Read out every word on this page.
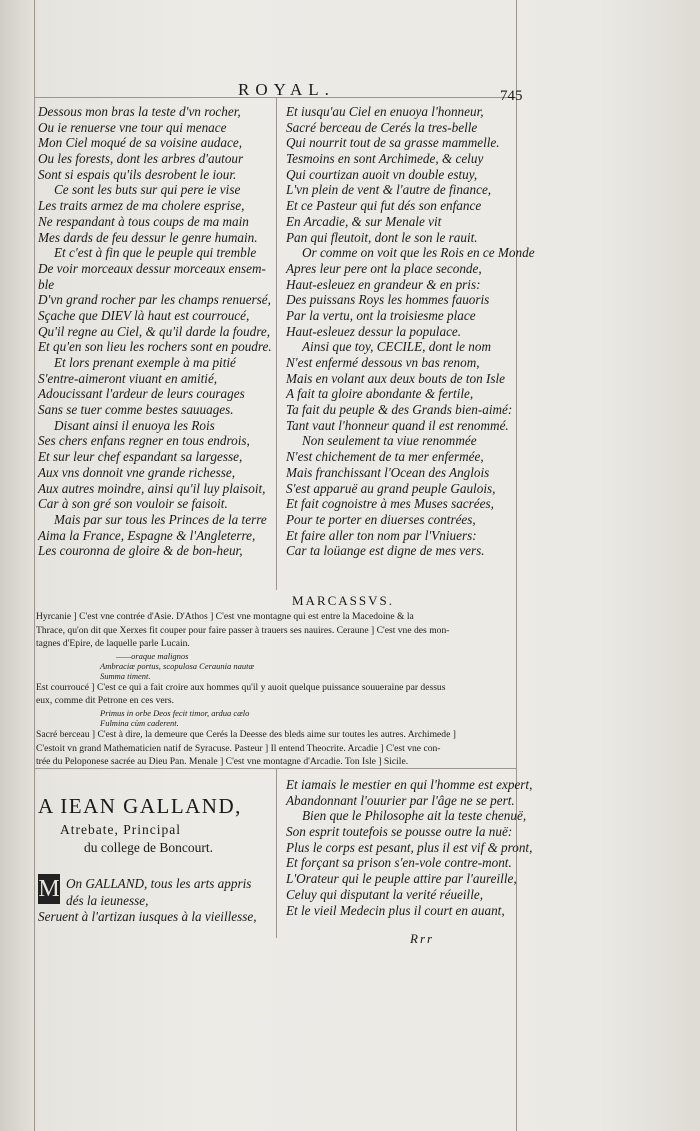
ROYAL.	745
Dessous mon bras la teste d'vn rocher,
Ou ie renuerse vne tour qui menace
Mon Ciel moqué de sa voisine audace,
Ou les forests, dont les arbres d'autour
Sont si espais qu'ils desrobent le iour.
Ce sont les buts sur qui pere ie vise
Les traits armez de ma cholere esprise,
Ne respandant à tous coups de ma main
Mes dards de feu dessur le genre humain.
Et c'est à fin que le peuple qui tremble
De voir morceaux dessur morceaux ensem-
ble
D'vn grand rocher par les champs renuersé,
Sçache que DIEV là haut est courroucé,
Qu'il regne au Ciel, & qu'il darde la foudre,
Et qu'en son lieu les rochers sont en poudre.
Et lors prenant exemple à ma pitié
S'entre-aimeront viuant en amitié,
Adoucissant l'ardeur de leurs courages
Sans se tuer comme bestes sauuages.
Disant ainsi il enuoya les Rois
Ses chers enfans regner en tous endrois,
Et sur leur chef espandant sa largesse,
Aux vns donnoit vne grande richesse,
Aux autres moindre, ainsi qu'il luy plaisoit,
Car à son gré son vouloir se faisoit.
Mais par sur tous les Princes de la terre
Aima la France, Espagne & l'Angleterre,
Les couronna de gloire & de bon-heur,
Et iusqu'au Ciel en enuoya l'honneur,
Sacré berceau de Cerés la tres-belle
Qui nourrit tout de sa grasse mammelle.
Tesmoins en sont Archimede, & celuy
Qui courtizan auoit vn double estuy,
L'vn plein de vent & l'autre de finance,
Et ce Pasteur qui fut dés son enfance
En Arcadie, & sur Menale vit
Pan qui fleutoit, dont le son le rauit.
Or comme on voit que les Rois en ce Monde
Apres leur pere ont la place seconde,
Haut-esleuez en grandeur & en pris:
Des puissans Roys les hommes fauoris
Par la vertu, ont la troisiesme place
Haut-esleuez dessur la populace.
Ainsi que toy, CECILE, dont le nom
N'est enfermé dessous vn bas renom,
Mais en volant aux deux bouts de ton Isle
A fait ta gloire abondante & fertile,
Ta fait du peuple & des Grands bien-aimé:
Tant vaut l'honneur quand il est renommé.
Non seulement ta viue renommée
N'est chichement de ta mer enfermée,
Mais franchissant l'Ocean des Anglois
S'est apparuë au grand peuple Gaulois,
Et fait cognoistre à mes Muses sacrées,
Pour te porter en diuerses contrées,
Et faire aller ton nom par l'Vniuers:
Car ta loüange est digne de mes vers.
MARCASSVS.
Hyrcanie ] C'est vne contrée d'Asie. D'Athos ] C'est vne montagne qui est entre la Macedoine & la
Thrace, qu'on dit que Xerxes fit couper pour faire passer à trauers ses nauires. Ceraune ] C'est vne des mon-
tagnes d'Epire, de laquelle parle Lucain.
——oraque malignos
Ambraciæ portus, scopulosa Ceraunia nautæ
Summa timent.
Est courroucé ] C'est ce qui a fait croire aux hommes qu'il y auoit quelque puissance souueraine par dessus
eux, comme dit Petrone en ces vers.
Primus in orbe Deos fecit timor, ardua cælo
Fulmina cùm caderent.
Sacré berceau ] C'est à dire, la demeure que Cerés la Deesse des bleds aime sur toutes les autres. Archimede ]
C'estoit vn grand Mathematicien natif de Syracuse. Pasteur ] Il entend Theocrite. Arcadie ] C'est vne con-
trée du Peloponese sacrée au Dieu Pan. Menale ] C'est vne montagne d'Arcadie. Ton Isle ] Sicile.
A IEAN GALLAND,
Atrebate, Principal
du college de Boncourt.
M On GALLAND, tous les arts appris
dés la ieunesse,
Seruent à l'artizan iusques à la vieillesse,
Et iamais le mestier en qui l'homme est expert,
Abandonnant l'ouurier par l'âge ne se pert.
Bien que le Philosophe ait la teste chenuë,
Son esprit toutefois se pousse outre la nuë:
Plus le corps est pesant, plus il est vif & pront,
Et forçant sa prison s'en-vole contre-mont.
L'Orateur qui le peuple attire par l'aureille,
Celuy qui disputant la verité réueille,
Et le vieil Medecin plus il court en auant,
Rrr
